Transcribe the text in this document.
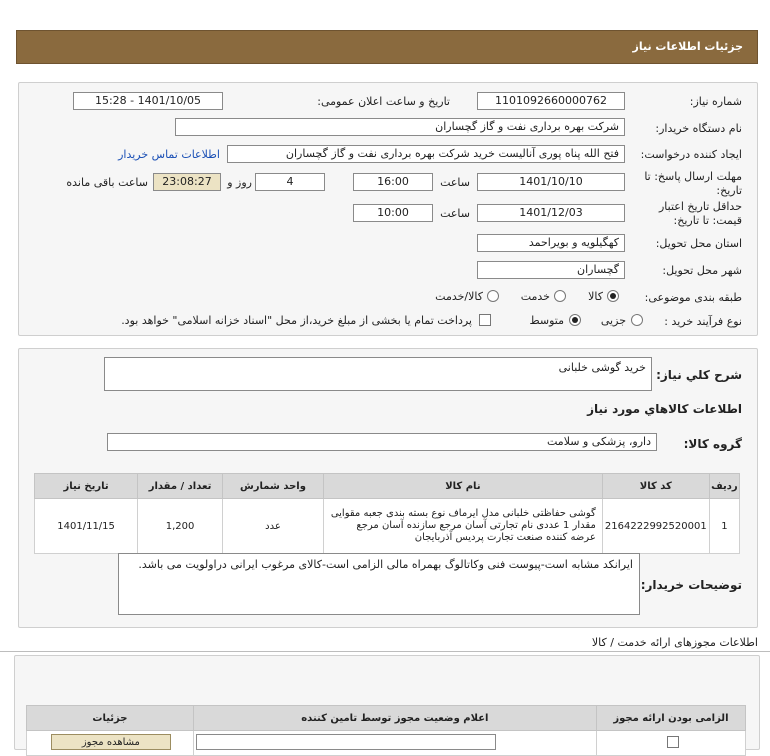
جزئیات اطلاعات نیاز
شماره نیاز:
1101092660000762
تاریخ و ساعت اعلان عمومی:
1401/10/05 - 15:28
نام دستگاه خریدار:
شرکت بهره برداری نفت و گاز گچساران
ایجاد کننده درخواست:
فتح الله پناه پوری آنالیست خرید شرکت بهره برداری نفت و گاز گچساران
اطلاعات تماس خریدار
مهلت ارسال پاسخ: تا
تاریخ:
1401/10/10
ساعت
16:00
4
روز و
23:08:27
ساعت باقی مانده
حداقل تاریخ اعتبار
قیمت: تا تاریخ:
1401/12/03
ساعت
10:00
استان محل تحویل:
کهگیلویه و بویراحمد
شهر محل تحویل:
گچساران
طبقه بندی موضوعی:
کالا
خدمت
کالا/خدمت
نوع فرآیند خرید :
جزیی
متوسط
پرداخت تمام یا بخشی از مبلغ خرید،از محل "اسناد خزانه اسلامی" خواهد بود.
شرح كلي نياز:
خرید گوشی خلبانی
اطلاعات كالاهاي مورد نياز
گروه کالا:
دارو، پزشکی و سلامت
ردیف	کد کالا	نام کالا	واحد شمارش	تعداد / مقدار	تاریخ نیاز
1	2164222992520001	گوشی حفاظتی خلبانی مدل ایرماف نوع بسته بندی جعبه مقوایی مقدار 1 عددی نام تجارتی آسان مرجع سازنده آسان مرجع عرضه کننده صنعت تجارت پردیس آذربایجان	عدد	1,200	1401/11/15
توضیحات خریدار:
ایرانکد مشابه است-پیوست فنی وکاتالوگ بهمراه مالی الزامی است-کالای مرغوب ایرانی دراولویت می باشد.
اطلاعات مجوزهای ارائه خدمت / کالا
الزامی بودن ارائه مجوز	اعلام وضعیت مجوز توسط تامین کننده	جزئیات

		مشاهده مجوز
